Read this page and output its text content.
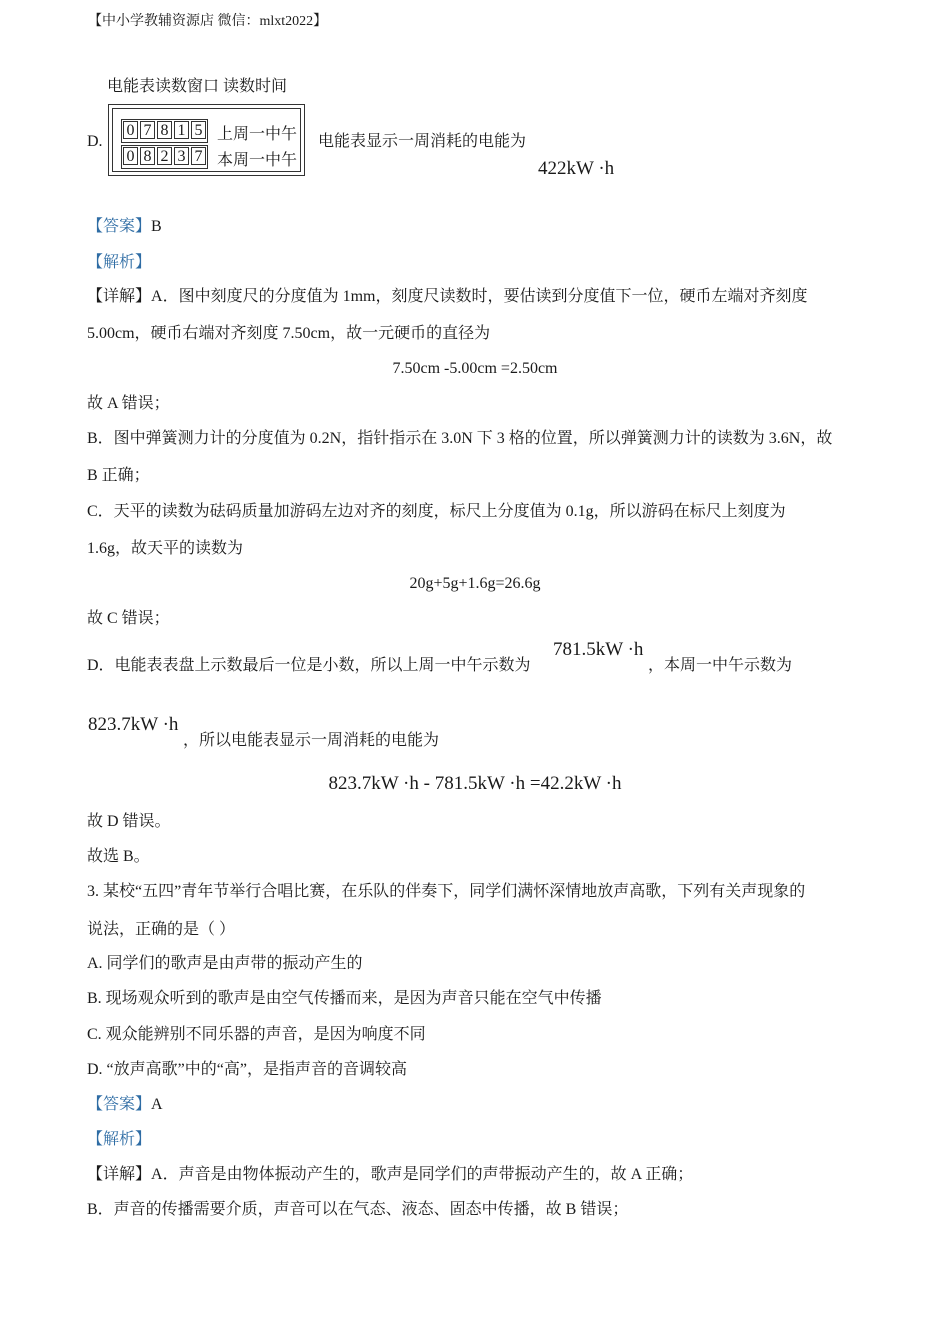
【中小学教辅资源店 微信：mlxt2022】
电能表读数窗口 读数时间
D.
0 7 8 1 5 上周一中午
0 8 2 3 7 本周一中午
电能表显示一周消耗的电能为
422kW ·h
【答案】B
【解析】
【详解】A．图中刻度尺的分度值为 1mm，刻度尺读数时，要估读到分度值下一位，硬币左端对齐刻度
5.00cm，硬币右端对齐刻度 7.50cm，故一元硬币的直径为
7.50cm -5.00cm =2.50cm
故 A 错误；
B．图中弹簧测力计的分度值为 0.2N，指针指示在 3.0N 下 3 格的位置，所以弹簧测力计的读数为 3.6N，故
B 正确；
C．天平的读数为砝码质量加游码左边对齐的刻度，标尺上分度值为 0.1g，所以游码在标尺上刻度为
1.6g，故天平的读数为
20g+5g+1.6g=26.6g
故 C 错误；
D．电能表表盘上示数最后一位是小数，所以上周一中午示数为
781.5kW ·h
，本周一中午示数为
823.7kW ·h
，所以电能表显示一周消耗的电能为
823.7kW ·h - 781.5kW ·h =42.2kW ·h
故 D 错误。
故选 B。
3. 某校“五四”青年节举行合唱比赛，在乐队的伴奏下，同学们满怀深情地放声高歌，下列有关声现象的
说法，正确的是（ ）
A. 同学们的歌声是由声带的振动产生的
B. 现场观众听到的歌声是由空气传播而来，是因为声音只能在空气中传播
C. 观众能辨别不同乐器的声音，是因为响度不同
D. “放声高歌”中的“高”，是指声音的音调较高
【答案】A
【解析】
【详解】A．声音是由物体振动产生的，歌声是同学们的声带振动产生的，故 A 正确；
B．声音的传播需要介质，声音可以在气态、液态、固态中传播，故 B 错误；
